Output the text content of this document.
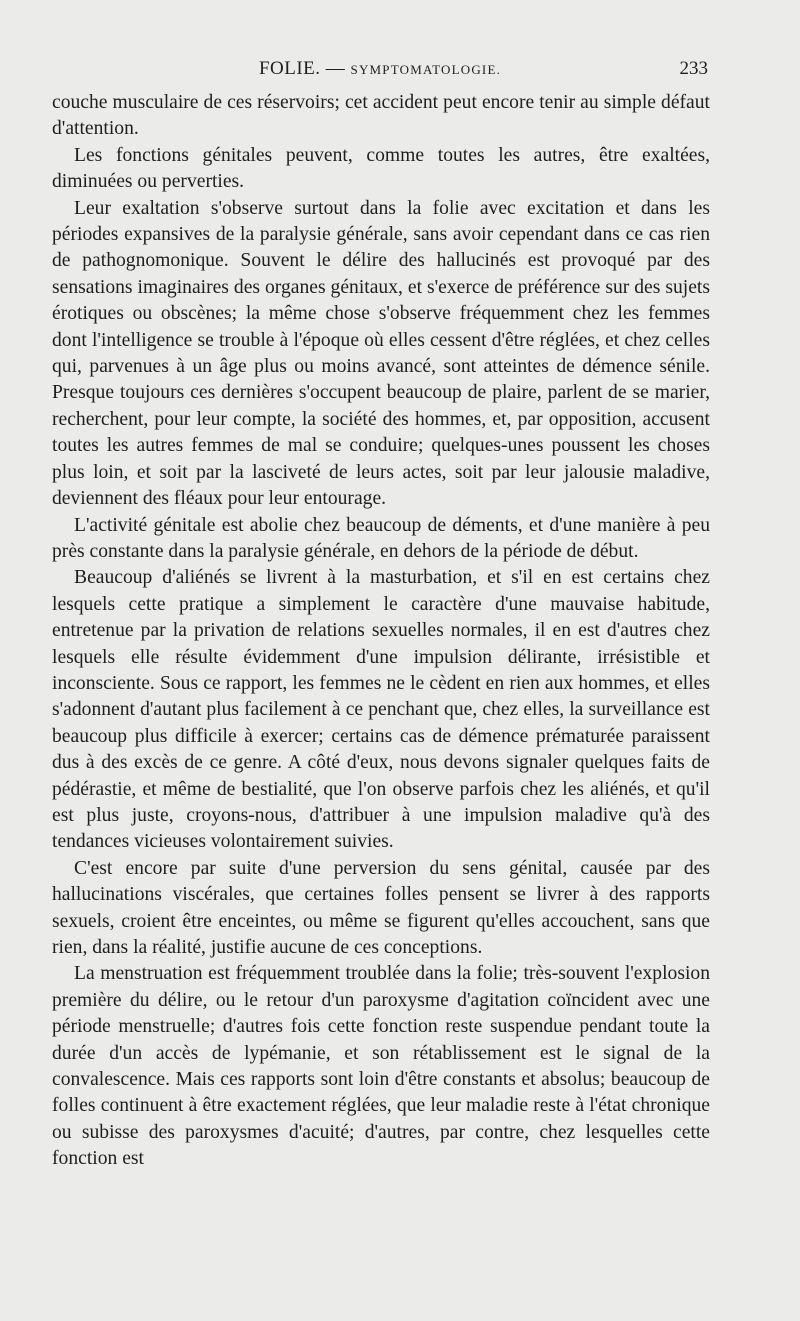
FOLIE. — SYMPTOMATOLOGIE.	233

couche musculaire de ces réservoirs; cet accident peut encore tenir au simple défaut d'attention.

Les fonctions génitales peuvent, comme toutes les autres, être exaltées, diminuées ou perverties.

Leur exaltation s'observe surtout dans la folie avec excitation et dans les périodes expansives de la paralysie générale, sans avoir cependant dans ce cas rien de pathognomonique. Souvent le délire des hallucinés est provoqué par des sensations imaginaires des organes génitaux, et s'exerce de préférence sur des sujets érotiques ou obscènes; la même chose s'observe fréquemment chez les femmes dont l'intelligence se trouble à l'époque où elles cessent d'être réglées, et chez celles qui, parvenues à un âge plus ou moins avancé, sont atteintes de démence sénile. Presque toujours ces dernières s'occupent beaucoup de plaire, parlent de se marier, recherchent, pour leur compte, la société des hommes, et, par opposition, accusent toutes les autres femmes de mal se conduire; quelques-unes poussent les choses plus loin, et soit par la lasciveté de leurs actes, soit par leur jalousie maladive, deviennent des fléaux pour leur entourage.

L'activité génitale est abolie chez beaucoup de déments, et d'une manière à peu près constante dans la paralysie générale, en dehors de la période de début.

Beaucoup d'aliénés se livrent à la masturbation, et s'il en est certains chez lesquels cette pratique a simplement le caractère d'une mauvaise habitude, entretenue par la privation de relations sexuelles normales, il en est d'autres chez lesquels elle résulte évidemment d'une impulsion délirante, irrésistible et inconsciente. Sous ce rapport, les femmes ne le cèdent en rien aux hommes, et elles s'adonnent d'autant plus facilement à ce penchant que, chez elles, la surveillance est beaucoup plus difficile à exercer; certains cas de démence prématurée paraissent dus à des excès de ce genre. A côté d'eux, nous devons signaler quelques faits de pédérastie, et même de bestialité, que l'on observe parfois chez les aliénés, et qu'il est plus juste, croyons-nous, d'attribuer à une impulsion maladive qu'à des tendances vicieuses volontairement suivies.

C'est encore par suite d'une perversion du sens génital, causée par des hallucinations viscérales, que certaines folles pensent se livrer à des rapports sexuels, croient être enceintes, ou même se figurent qu'elles accouchent, sans que rien, dans la réalité, justifie aucune de ces conceptions.

La menstruation est fréquemment troublée dans la folie; très-souvent l'explosion première du délire, ou le retour d'un paroxysme d'agitation coïncident avec une période menstruelle; d'autres fois cette fonction reste suspendue pendant toute la durée d'un accès de lypémanie, et son rétablissement est le signal de la convalescence. Mais ces rapports sont loin d'être constants et absolus; beaucoup de folles continuent à être exactement réglées, que leur maladie reste à l'état chronique ou subisse des paroxysmes d'acuité; d'autres, par contre, chez lesquelles cette fonction est
